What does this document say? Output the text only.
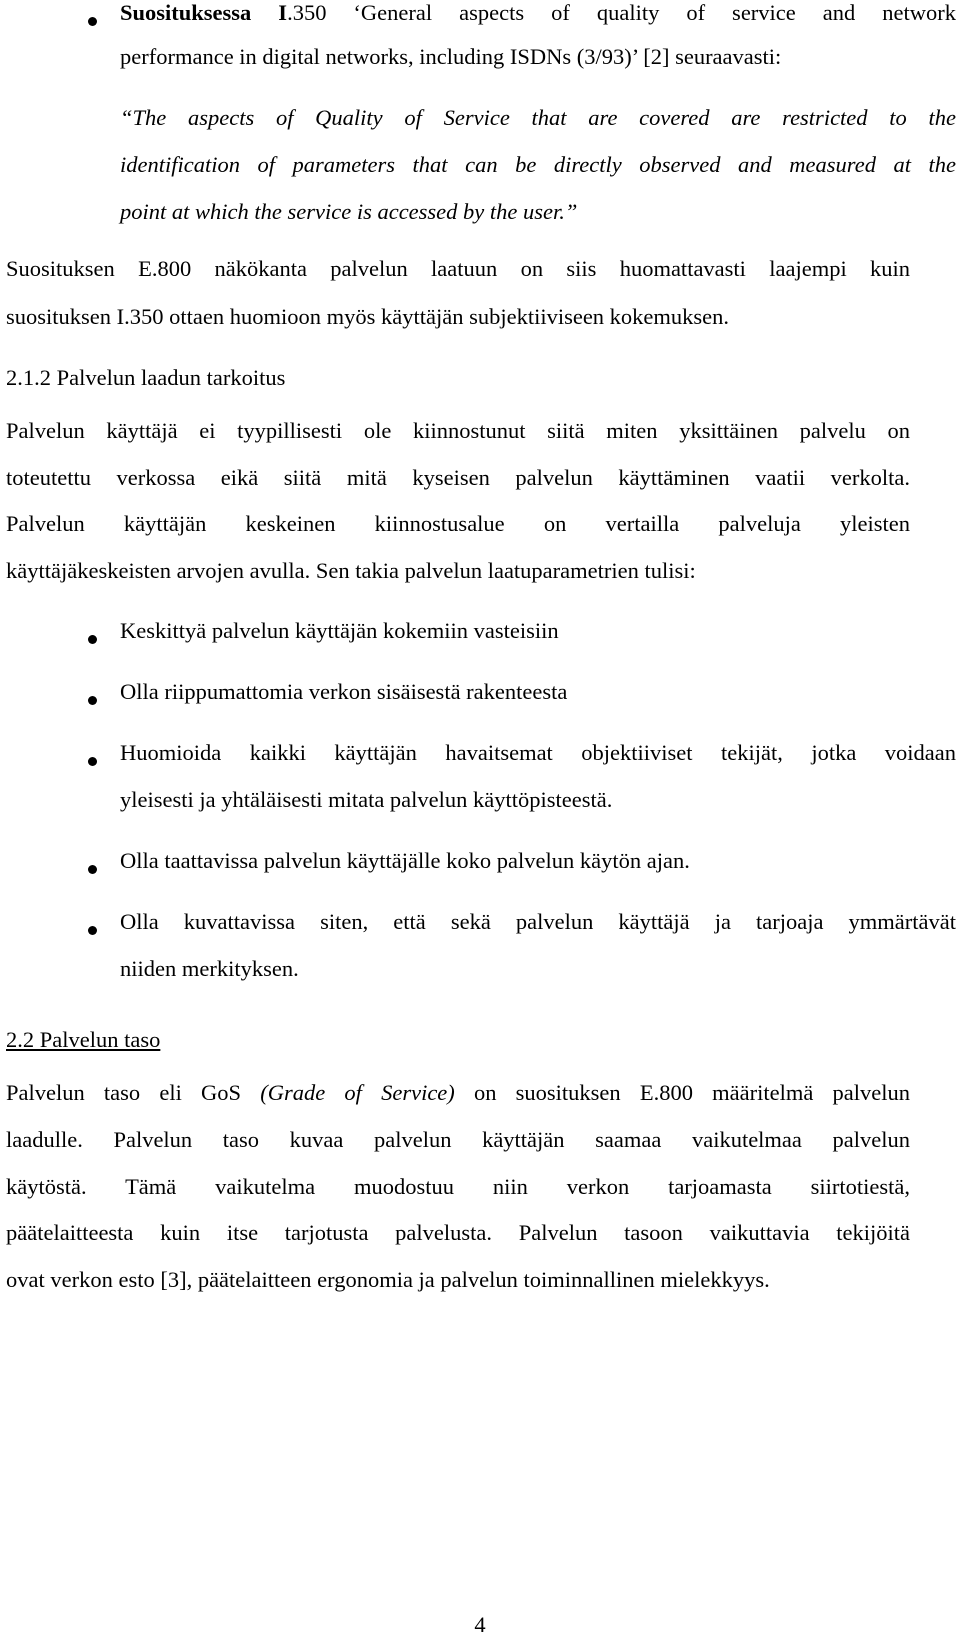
Suosituksessa I.350 ‘General aspects of quality of service and network
performance in digital networks, including ISDNs (3/93)’ [2] seuraavasti:
“The aspects of Quality of Service that are covered are restricted to the
identification of parameters that can be directly observed and measured at the
point at which the service is accessed by the user.”
Suosituksen E.800 näkökanta palvelun laatuun on siis huomattavasti laajempi kuin
suosituksen I.350 ottaen huomioon myös käyttäjän subjektiiviseen kokemuksen.
2.1.2 Palvelun laadun tarkoitus
Palvelun käyttäjä ei tyypillisesti ole kiinnostunut siitä miten yksittäinen palvelu on
toteutettu verkossa eikä siitä mitä kyseisen palvelun käyttäminen vaatii verkolta.
Palvelun käyttäjän keskeinen kiinnostusalue on vertailla palveluja yleisten
käyttäjäkeskeisten arvojen avulla. Sen takia palvelun laatuparametrien tulisi:
Keskittyä palvelun käyttäjän kokemiin vasteisiin
Olla riippumattomia verkon sisäisestä rakenteesta
Huomioida kaikki käyttäjän havaitsemat objektiiviset tekijät, jotka voidaan
yleisesti ja yhtäläisesti mitata palvelun käyttöpisteestä.
Olla taattavissa palvelun käyttäjälle koko palvelun käytön ajan.
Olla kuvattavissa siten, että sekä palvelun käyttäjä ja tarjoaja ymmärtävät
niiden merkityksen.
2.2 Palvelun taso
Palvelun taso eli GoS (Grade of Service) on suosituksen E.800 määritelmä palvelun
laadulle. Palvelun taso kuvaa palvelun käyttäjän saamaa vaikutelmaa palvelun
käytöstä. Tämä vaikutelma muodostuu niin verkon tarjoamasta siirtotiestä,
päätelaitteesta kuin itse tarjotusta palvelusta. Palvelun tasoon vaikuttavia tekijöitä
ovat verkon esto [3], päätelaitteen ergonomia ja palvelun toiminnallinen mielekkyys.
4
